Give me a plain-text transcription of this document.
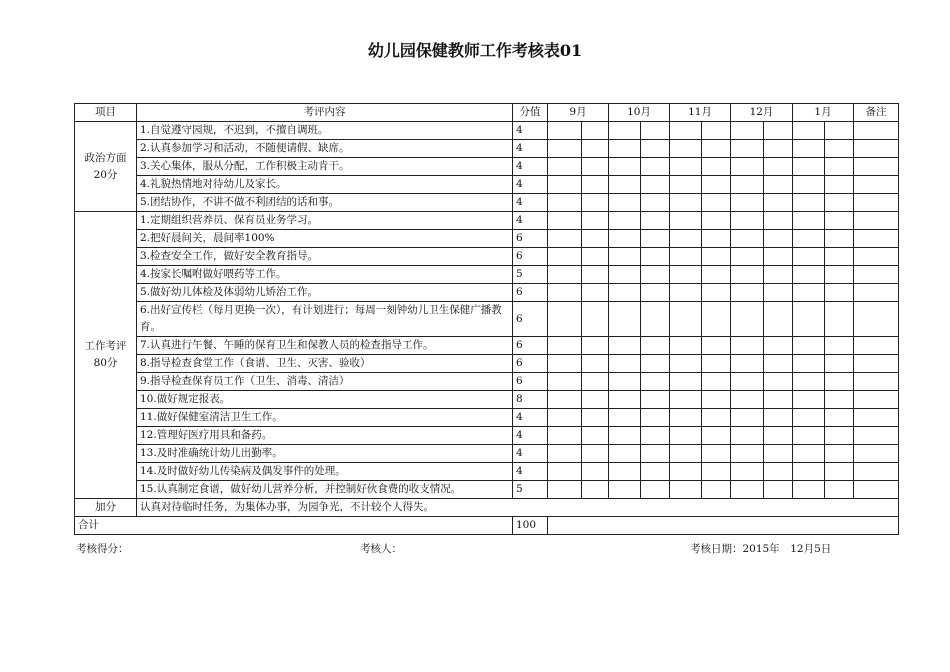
幼儿园保健教师工作考核表01
项目	考评内容	分值	9月		10月		11月		12月		1月		备注

政治方面
20分	1.自觉遵守园规，不迟到，不擅自调班。	4											
	2.认真参加学习和活动，不随便请假、缺席。	4											
	3.关心集体，服从分配，工作积极主动肯干。	4											
	4.礼貌热情地对待幼儿及家长。	4											
	5.团结协作，不讲不做不利团结的话和事。	4											

工作考评
80分	1.定期组织营养员、保育员业务学习。	4											
	2.把好晨间关，晨间率100%	6											
	3.检查安全工作，做好安全教育指导。	6											
	4.按家长嘱咐做好喂药等工作。	5											
	5.做好幼儿体检及体弱幼儿矫治工作。	6											
	6.出好宣传栏（每月更换一次），有计划进行；每周一刻钟幼儿卫生保健广播教育。	6											
	7.认真进行午餐、午睡的保育卫生和保教人员的检查指导工作。	6											
	8.指导检查食堂工作（食谱、卫生、灭害、验收）	6											
	9.指导检查保育员工作（卫生、消毒、清洁）	6											
	10.做好规定报表。	8											
	11.做好保健室清洁卫生工作。	4											
	12.管理好医疗用具和备药。	4											
	13.及时准确统计幼儿出勤率。	4											
	14.及时做好幼儿传染病及偶发事件的处理。	4											
	15.认真制定食谱，做好幼儿营养分析，并控制好伙食费的收支情况。	5											
加分	认真对待临时任务，为集体办事，为园争光，不计较个人得失。												
合计		100											
考核得分：	考核人：	考核日期：2015年　12月5日
